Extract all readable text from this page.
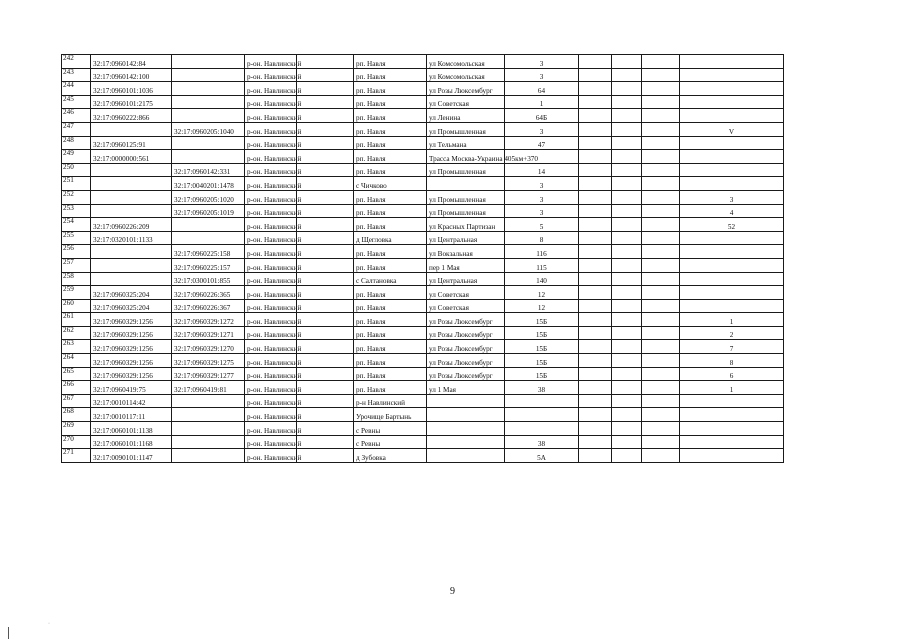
242	32:17:0960142:84		р-он. Навлинский		рп. Навля	ул Комсомольская	3				
243	32:17:0960142:100		р-он. Навлинский		рп. Навля	ул Комсомольская	3				
244	32:17:0960101:1036		р-он. Навлинский		рп. Навля	ул Розы Люксембург	64				
245	32:17:0960101:2175		р-он. Навлинский		рп. Навля	ул Советская	1				
246	32:17:0960222:866		р-он. Навлинский		рп. Навля	ул Ленина	64Б				
247		32:17:0960205:1040	р-он. Навлинский		рп. Навля	ул Промышленная	3				V
248	32:17:0960125:91		р-он. Навлинский		рп. Навля	ул Тельмана	47				
249	32:17:0000000:561		р-он. Навлинский		рп. Навля	Трасса Москва-Украина 405км+370					
250		32:17:0960142:331	р-он. Навлинский		рп. Навля	ул Промышленная	14				
251		32:17:0040201:1478	р-он. Навлинский		с Чичково		3				
252		32:17:0960205:1020	р-он. Навлинский		рп. Навля	ул Промышленная	3				3
253		32:17:0960205:1019	р-он. Навлинский		рп. Навля	ул Промышленная	3				4
254	32:17:0960226:209		р-он. Навлинский		рп. Навля	ул Красных Партизан	5				52
255	32:17:0320101:1133		р-он. Навлинский		д Щегловка	ул Центральная	8				
256		32:17:0960225:158	р-он. Навлинский		рп. Навля	ул Вокзальная	116				
257		32:17:0960225:157	р-он. Навлинский		рп. Навля	пер 1 Мая	115				
258		32:17:0300101:855	р-он. Навлинский		с Салтановка	ул Центральная	140				
259	32:17:0960325:204	32:17:0960226:365	р-он. Навлинский		рп. Навля	ул Советская	12				
260	32:17:0960325:204	32:17:0960226:367	р-он. Навлинский		рп. Навля	ул Советская	12				
261	32:17:0960329:1256	32:17:0960329:1272	р-он. Навлинский		рп. Навля	ул Розы Люксембург	15Б				1
262	32:17:0960329:1256	32:17:0960329:1271	р-он. Навлинский		рп. Навля	ул Розы Люксембург	15Б				2
263	32:17:0960329:1256	32:17:0960329:1270	р-он. Навлинский		рп. Навля	ул Розы Люксембург	15Б				7
264	32:17:0960329:1256	32:17:0960329:1275	р-он. Навлинский		рп. Навля	ул Розы Люксембург	15Б				8
265	32:17:0960329:1256	32:17:0960329:1277	р-он. Навлинский		рп. Навля	ул Розы Люксембург	15Б				6
266	32:17:0960419:75	32:17:0960419:81	р-он. Навлинский		рп. Навля	ул 1 Мая	38				1
267	32:17:0010114:42		р-он. Навлинский		р-н Навлинский						
268	32:17:0010117:11		р-он. Навлинский		Урочище Бартынь						
269	32:17:0060101:1138		р-он. Навлинский		с Ревны						
270	32:17:0060101:1168		р-он. Навлинский		с Ревны		38				
271	32:17:0090101:1147		р-он. Навлинский		д Зубовка		5А				
9
·
